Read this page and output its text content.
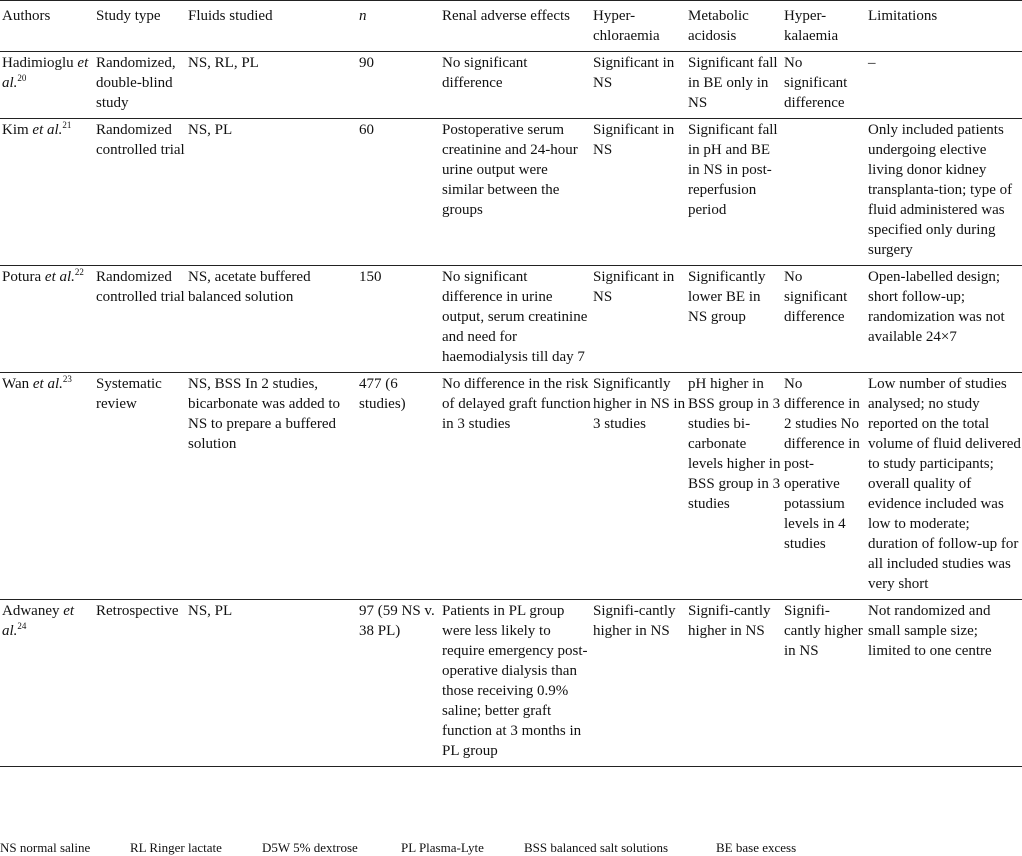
Authors	Study type	Fluids studied	n	Renal adverse effects	Hyper-chloraemia	Metabolic acidosis	Hyper-kalaemia	Limitations
Hadimioglu et al.$^{20}$	Randomized, double-blind study	NS, RL, PL	90	No significant difference	Significant in NS	Significant fall in BE only in NS	No significant difference	–
Kim et al.$^{21}$	Randomized controlled trial	NS, PL	60	Postoperative serum creatinine and 24-hour urine output were similar between the groups	Significant in NS	Significant fall in pH and BE in NS in post-reperfusion period		Only included patients undergoing elective living donor kidney transplanta-tion; type of fluid administered was specified only during surgery
Potura et al.$^{22}$	Randomized controlled trial	NS, acetate buffered balanced solution	150	No significant difference in urine output, serum creatinine and need for haemodialysis till day 7	Significant in NS	Significantly lower BE in NS group	No significant difference	Open-labelled design; short follow-up; randomization was not available 24×7
Wan et al.$^{23}$	Systematic review	NS, BSS In 2 studies, bicarbonate was added to NS to prepare a buffered solution	477 (6 studies)	No difference in the risk of delayed graft function in 3 studies	Significantly higher in NS in 3 studies	pH higher in BSS group in 3 studies bi-carbonate levels higher in BSS group in 3 studies	No difference in 2 studies No difference in post-operative potassium levels in 4 studies	Low number of studies analysed; no study reported on the total volume of fluid delivered to study participants; overall quality of evidence included was low to moderate; duration of follow-up for all included studies was very short
Adwaney et al.$^{24}$	Retrospective	NS, PL	97 (59 NS v. 38 PL)	Patients in PL group were less likely to require emergency post-operative dialysis than those receiving 0.9% saline; better graft function at 3 months in PL group	Signifi-cantly higher in NS	Signifi-cantly higher in NS	Signifi-cantly higher in NS	Not randomized and small sample size; limited to one centre
NS normal saline	RL Ringer lactate	D5W 5% dextrose	PL Plasma-Lyte	BSS balanced salt solutions	BE base excess
